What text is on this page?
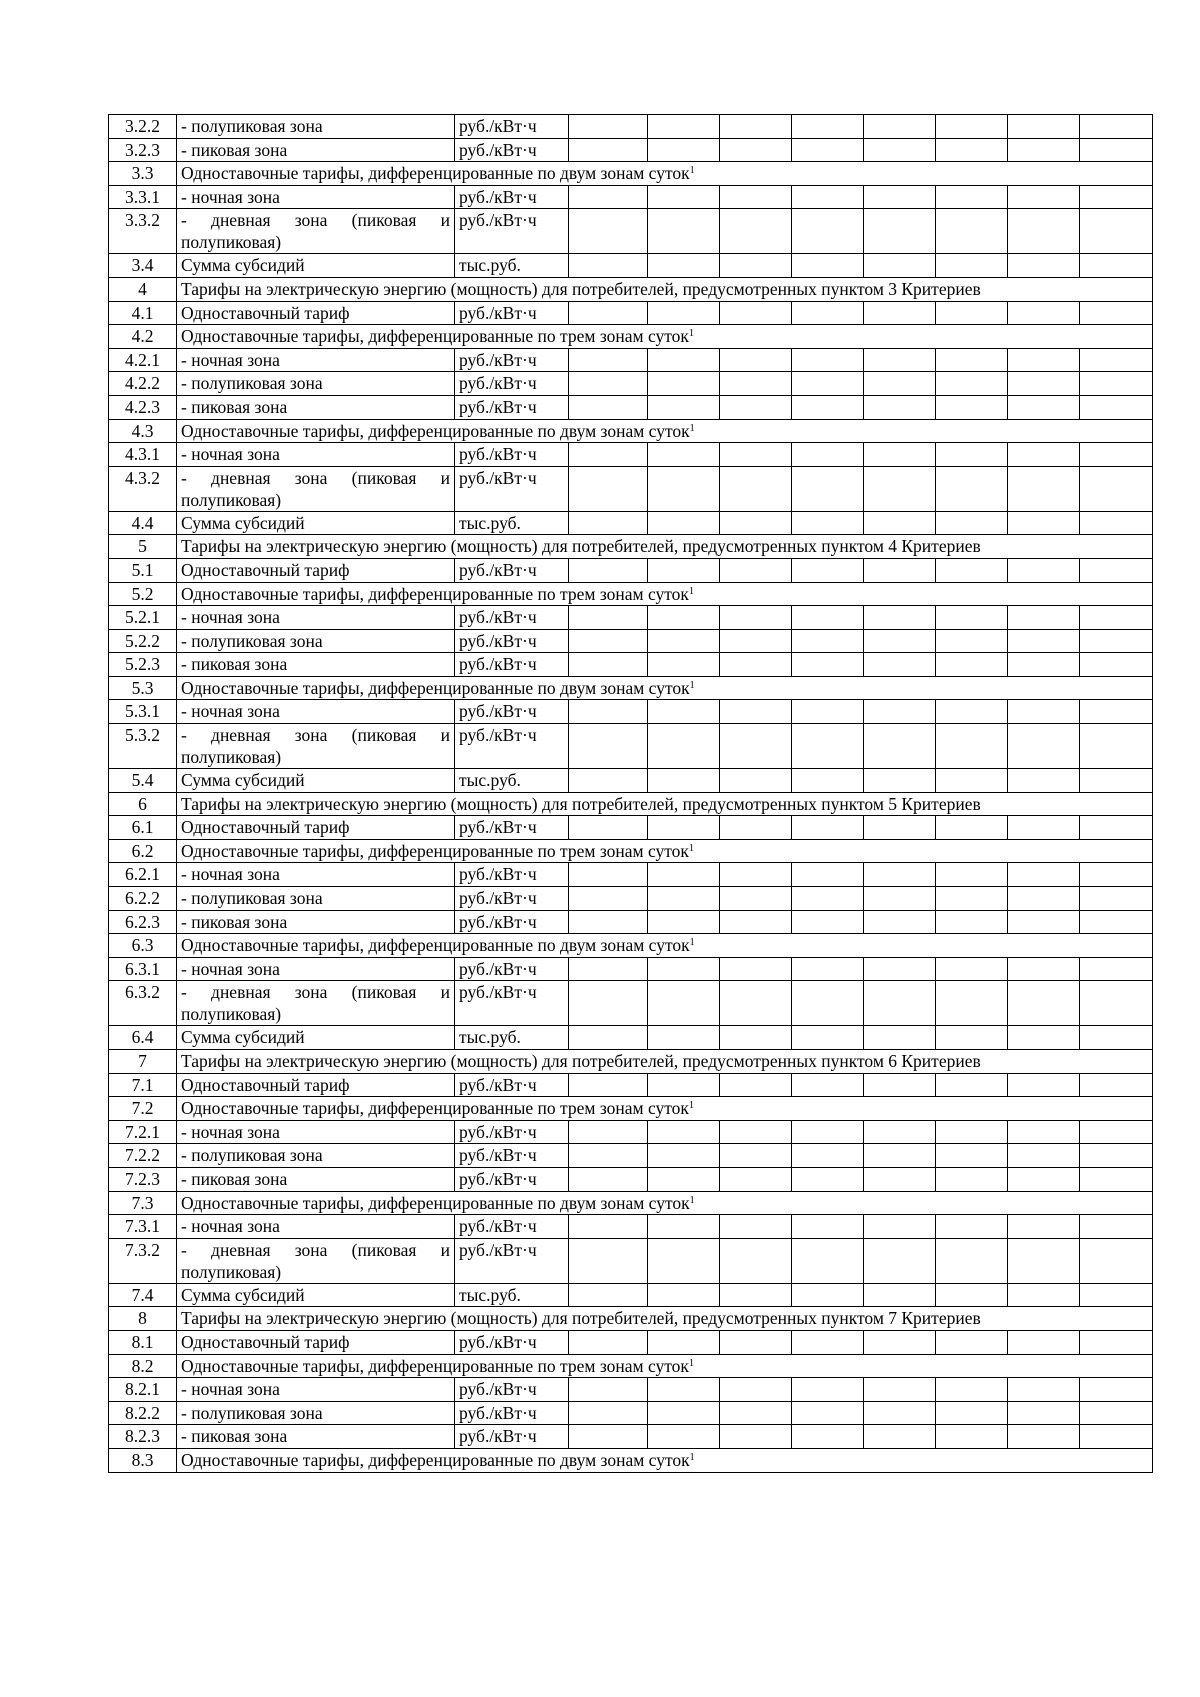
3.2.2	- полупиковая зона	руб./кВт·ч								
3.2.3	- пиковая зона	руб./кВт·ч								
3.3	Одноставочные тарифы, дифференцированные по двум зонам суток$^1$
3.3.1	- ночная зона	руб./кВт·ч								
3.3.2	- дневная зона (пиковая и полупиковая)	руб./кВт·ч								
3.4	Сумма субсидий	тыс.руб.								
4	Тарифы на электрическую энергию (мощность) для потребителей, предусмотренных пунктом 3 Критериев									
4.1	Одноставочный тариф	руб./кВт·ч								
4.2	Одноставочные тарифы, дифференцированные по трем зонам суток$^1$
4.2.1	- ночная зона	руб./кВт·ч								
4.2.2	- полупиковая зона	руб./кВт·ч								
4.2.3	- пиковая зона	руб./кВт·ч								
4.3	Одноставочные тарифы, дифференцированные по двум зонам суток$^1$
4.3.1	- ночная зона	руб./кВт·ч								
4.3.2	- дневная зона (пиковая и полупиковая)	руб./кВт·ч								
4.4	Сумма субсидий	тыс.руб.								
5	Тарифы на электрическую энергию (мощность) для потребителей, предусмотренных пунктом 4 Критериев									
5.1	Одноставочный тариф	руб./кВт·ч								
5.2	Одноставочные тарифы, дифференцированные по трем зонам суток$^1$
5.2.1	- ночная зона	руб./кВт·ч								
5.2.2	- полупиковая зона	руб./кВт·ч								
5.2.3	- пиковая зона	руб./кВт·ч								
5.3	Одноставочные тарифы, дифференцированные по двум зонам суток$^1$
5.3.1	- ночная зона	руб./кВт·ч								
5.3.2	- дневная зона (пиковая и полупиковая)	руб./кВт·ч								
5.4	Сумма субсидий	тыс.руб.								
6	Тарифы на электрическую энергию (мощность) для потребителей, предусмотренных пунктом 5 Критериев									
6.1	Одноставочный тариф	руб./кВт·ч								
6.2	Одноставочные тарифы, дифференцированные по трем зонам суток$^1$
6.2.1	- ночная зона	руб./кВт·ч								
6.2.2	- полупиковая зона	руб./кВт·ч								
6.2.3	- пиковая зона	руб./кВт·ч								
6.3	Одноставочные тарифы, дифференцированные по двум зонам суток$^1$
6.3.1	- ночная зона	руб./кВт·ч								
6.3.2	- дневная зона (пиковая и полупиковая)	руб./кВт·ч								
6.4	Сумма субсидий	тыс.руб.								
7	Тарифы на электрическую энергию (мощность) для потребителей, предусмотренных пунктом 6 Критериев									
7.1	Одноставочный тариф	руб./кВт·ч								
7.2	Одноставочные тарифы, дифференцированные по трем зонам суток$^1$
7.2.1	- ночная зона	руб./кВт·ч								
7.2.2	- полупиковая зона	руб./кВт·ч								
7.2.3	- пиковая зона	руб./кВт·ч								
7.3	Одноставочные тарифы, дифференцированные по двум зонам суток$^1$
7.3.1	- ночная зона	руб./кВт·ч								
7.3.2	- дневная зона (пиковая и полупиковая)	руб./кВт·ч								
7.4	Сумма субсидий	тыс.руб.								
8	Тарифы на электрическую энергию (мощность) для потребителей, предусмотренных пунктом 7 Критериев									
8.1	Одноставочный тариф	руб./кВт·ч								
8.2	Одноставочные тарифы, дифференцированные по трем зонам суток$^1$
8.2.1	- ночная зона	руб./кВт·ч								
8.2.2	- полупиковая зона	руб./кВт·ч								
8.2.3	- пиковая зона	руб./кВт·ч								
8.3	Одноставочные тарифы, дифференцированные по двум зонам суток$^1$
